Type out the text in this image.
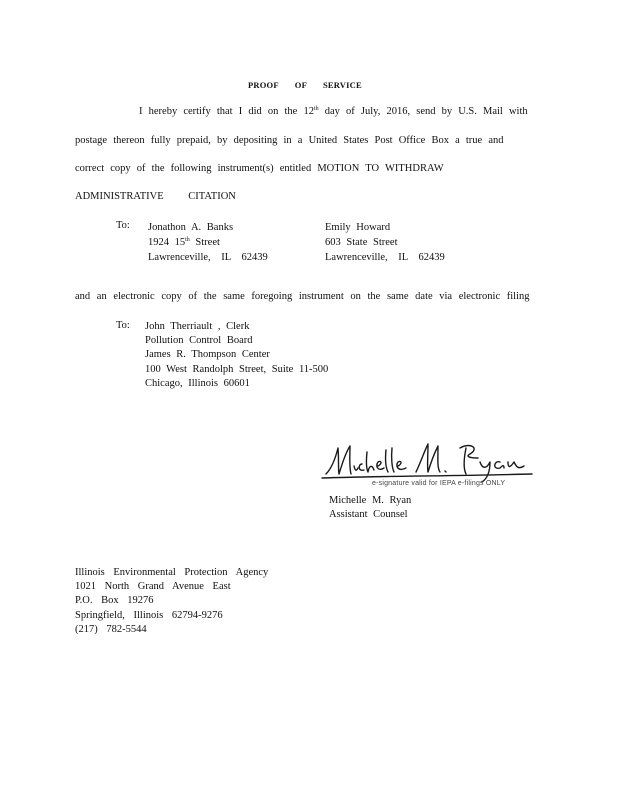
PROOF OF SERVICE
I hereby certify that I did on the 12th day of July, 2016, send by U.S. Mail with
postage thereon fully prepaid, by depositing in a United States Post Office Box a true and
correct copy of the following instrument(s) entitled MOTION TO WITHDRAW
ADMINISTRATIVE CITATION
To: Jonathon A. Banks
1924 15th Street
Lawrenceville, IL 62439
Emily Howard
603 State Street
Lawrenceville, IL 62439
and an electronic copy of the same foregoing instrument on the same date via electronic filing
To: John Therriault , Clerk
Pollution Control Board
James R. Thompson Center
100 West Randolph Street, Suite 11-500
Chicago, Illinois 60601
e-signature valid for IEPA e-filings ONLY
Michelle M. Ryan
Assistant Counsel
Illinois Environmental Protection Agency
1021 North Grand Avenue East
P.O. Box 19276
Springfield, Illinois 62794-9276
(217) 782-5544
